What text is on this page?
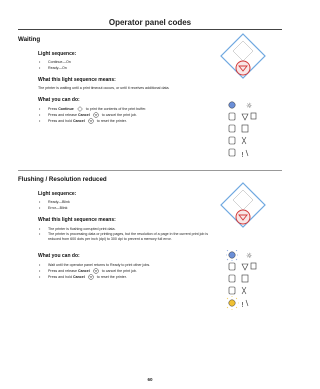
Operator panel codes
Waiting
Light sequence:
• Continue—On
• Ready—On
What this light sequence means:
The printer is waiting until a print timeout occurs, or until it receives additional data.
What you can do:
• Press Continue	to print the contents of the print buffer.
• Press and release Cancel	to cancel the print job.
• Press and hold Cancel	to reset the printer.
☼
!
Flushing / Resolution reduced
Light sequence:
• Ready—Blink
• Error—Blink
What this light sequence means:
• The printer is flushing corrupted print data.
• The printer is processing data or printing pages, but the resolution of a page in the current print job is reduced from 600 dots per inch (dpi) to 300 dpi to prevent a memory full error.
What you can do:
• Wait until the operator panel returns to Ready to print other jobs.
• Press and release Cancel	to cancel the print job.
• Press and hold Cancel	to reset the printer.
☼
!
60
